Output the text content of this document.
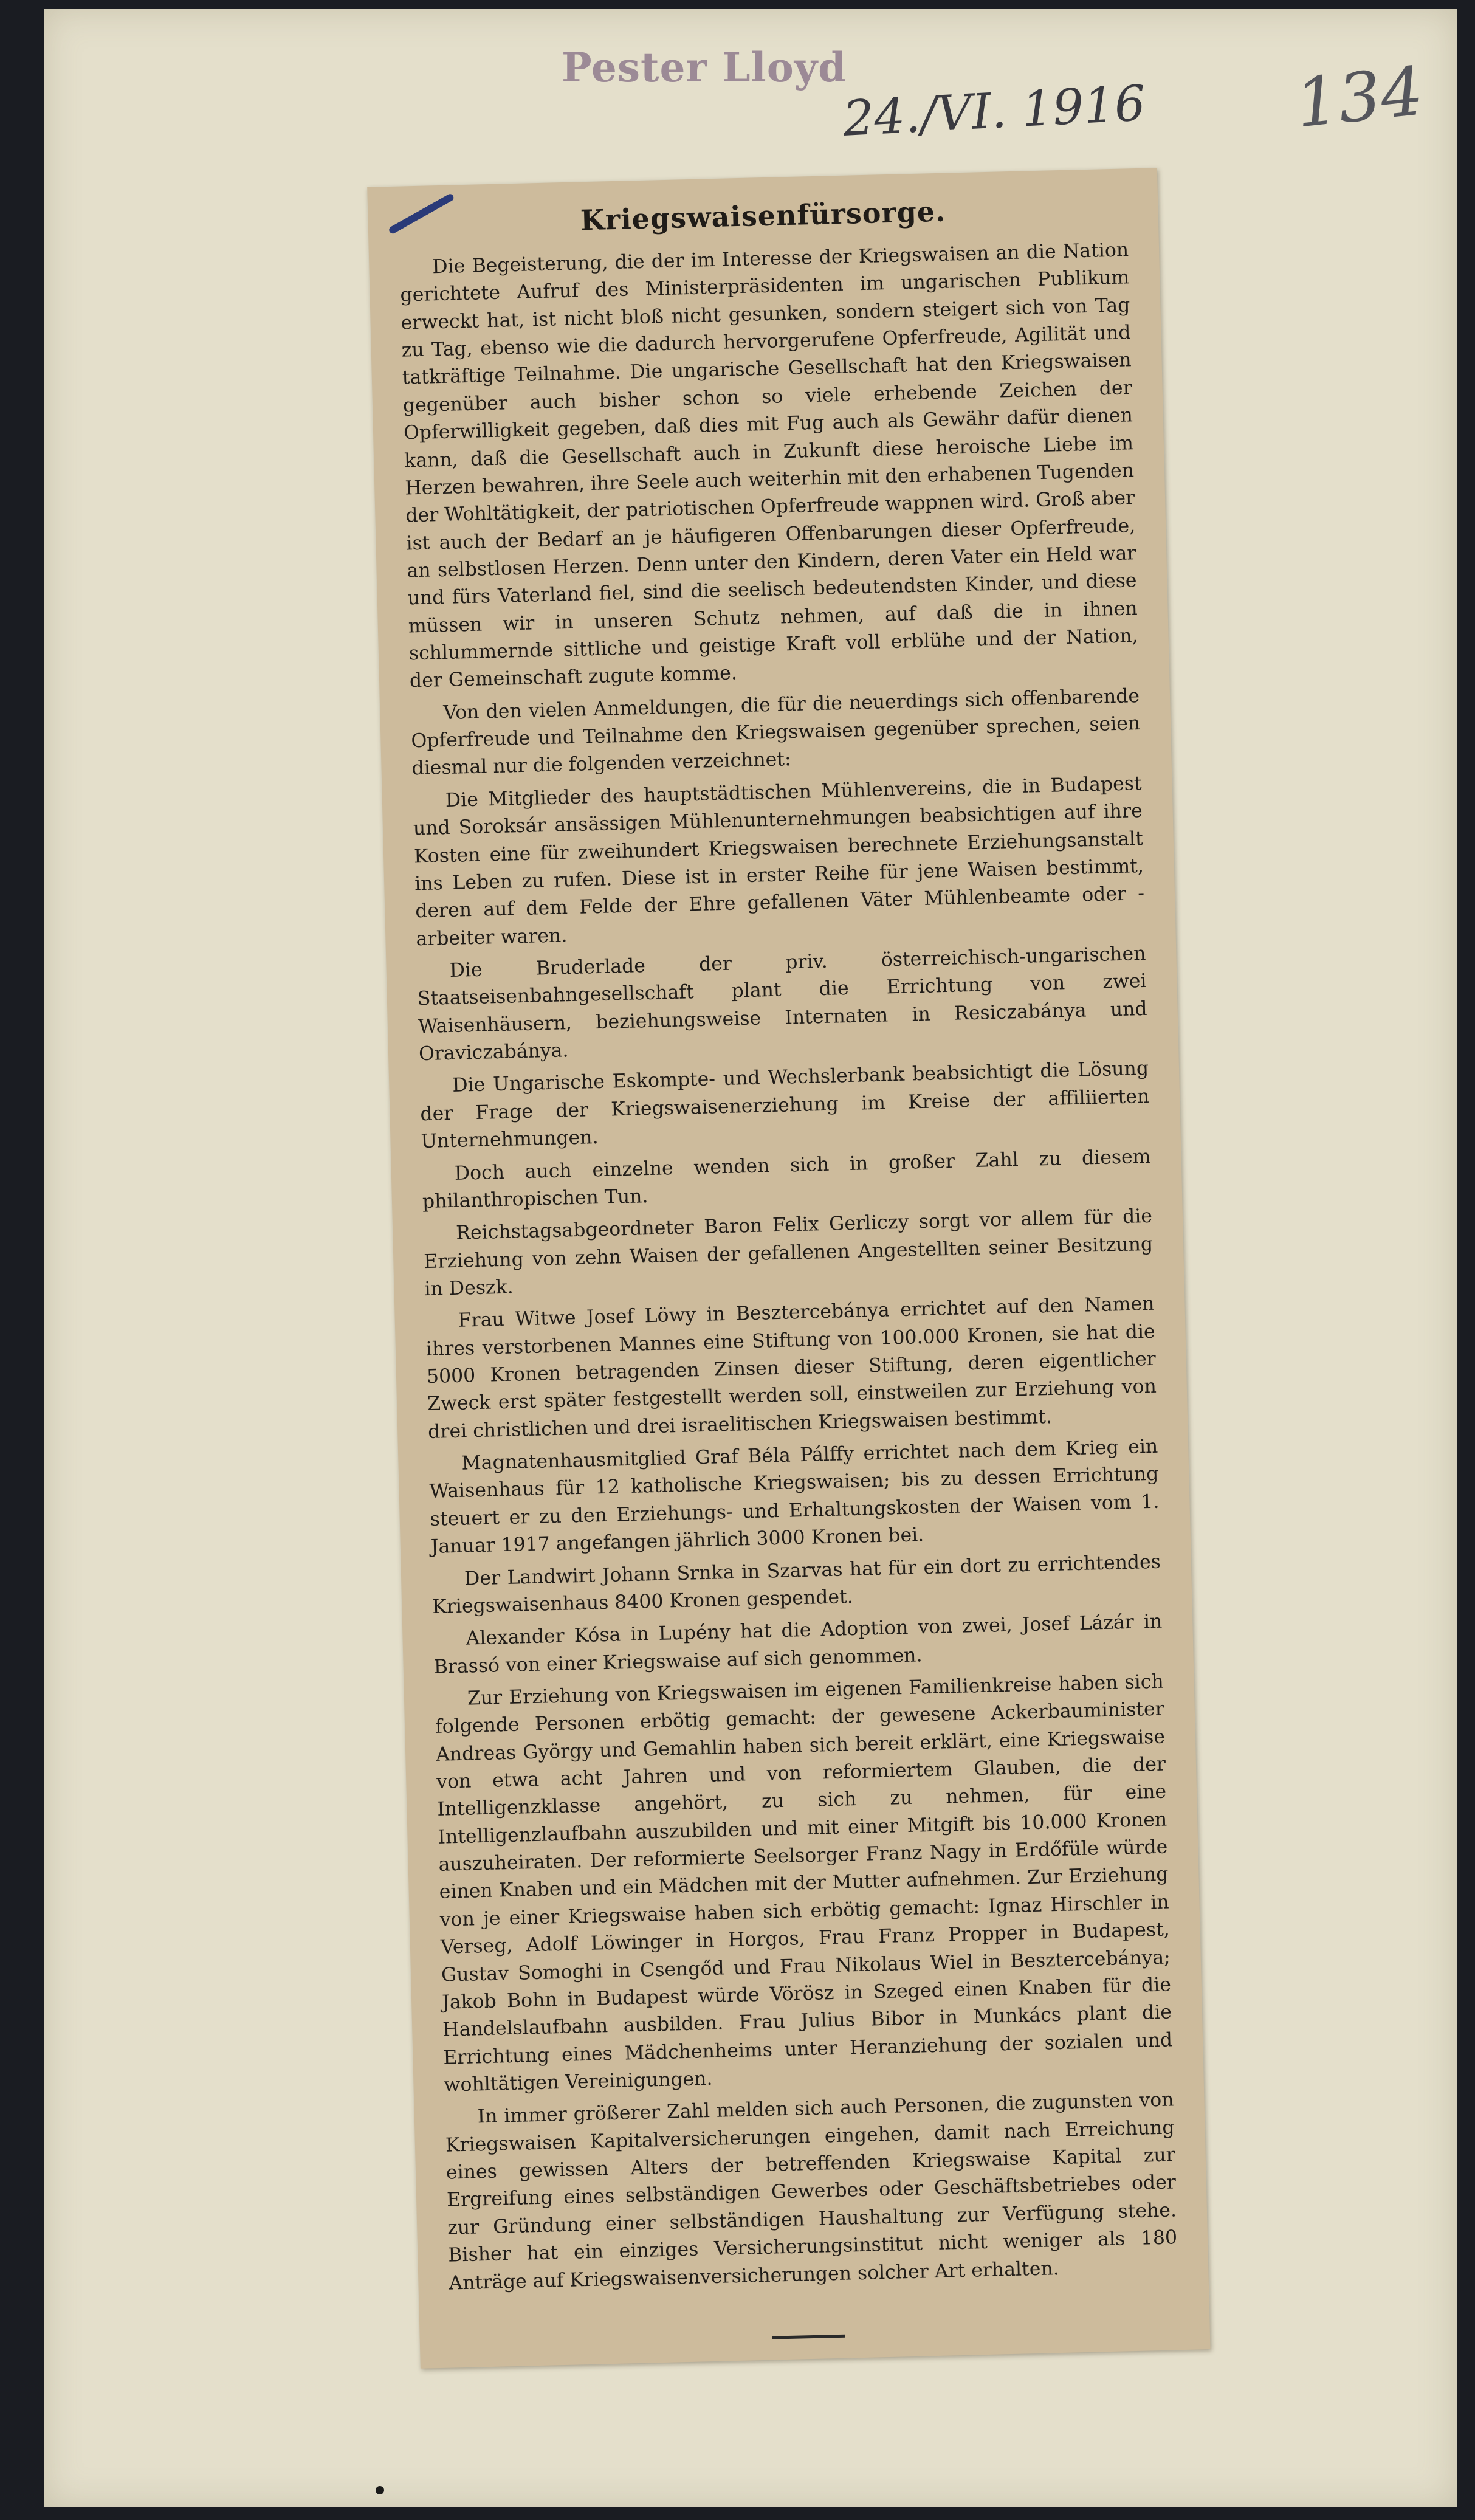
Pester Lloyd
24./VI. 1916 134
Kriegswaisenfürsorge.

Die Begeisterung, die der im Interesse der Kriegswaisen an die Nation gerichtete Aufruf des Ministerpräsidenten im ungarischen Publikum erweckt hat, ist nicht bloß nicht gesunken, sondern steigert sich von Tag zu Tag, ebenso wie die dadurch hervorgerufene Opferfreude, Agilität und tatkräftige Teilnahme. Die ungarische Gesellschaft hat den Kriegswaisen gegenüber auch bisher schon so viele erhebende Zeichen der Opferwilligkeit gegeben, daß dies mit Fug auch als Gewähr dafür dienen kann, daß die Gesellschaft auch in Zukunft diese heroische Liebe im Herzen bewahren, ihre Seele auch weiterhin mit den erhabenen Tugenden der Wohltätigkeit, der patriotischen Opferfreude wappnen wird. Groß aber ist auch der Bedarf an je häufigeren Offenbarungen dieser Opferfreude, an selbstlosen Herzen. Denn unter den Kindern, deren Vater ein Held war und fürs Vaterland fiel, sind die seelisch bedeutendsten Kinder, und diese müssen wir in unseren Schutz nehmen, auf daß die in ihnen schlummernde sittliche und geistige Kraft voll erblühe und der Nation, der Gemeinschaft zugute komme.

Von den vielen Anmeldungen, die für die neuerdings sich offenbarende Opferfreude und Teilnahme den Kriegswaisen gegenüber sprechen, seien diesmal nur die folgenden verzeichnet:

Die Mitglieder des hauptstädtischen Mühlenvereins, die in Budapest und Soroksár ansässigen Mühlenunternehmungen beabsichtigen auf ihre Kosten eine für zweihundert Kriegswaisen berechnete Erziehungsanstalt ins Leben zu rufen. Diese ist in erster Reihe für jene Waisen bestimmt, deren auf dem Felde der Ehre gefallenen Väter Mühlenbeamte oder -arbeiter waren.

Die Bruderlade der priv. österreichisch-ungarischen Staatseisenbahngesellschaft plant die Errichtung von zwei Waisenhäusern, beziehungsweise Internaten in Resiczabánya und Oraviczabánya.

Die Ungarische Eskompte- und Wechslerbank beabsichtigt die Lösung der Frage der Kriegswaisenerziehung im Kreise der affiliierten Unternehmungen.

Doch auch einzelne wenden sich in großer Zahl zu diesem philanthropischen Tun.

Reichstagsabgeordneter Baron Felix Gerliczy sorgt vor allem für die Erziehung von zehn Waisen der gefallenen Angestellten seiner Besitzung in Deszk.

Frau Witwe Josef Löwy in Besztercebánya errichtet auf den Namen ihres verstorbenen Mannes eine Stiftung von 100.000 Kronen, sie hat die 5000 Kronen betragenden Zinsen dieser Stiftung, deren eigentlicher Zweck erst später festgestellt werden soll, einstweilen zur Erziehung von drei christlichen und drei israelitischen Kriegswaisen bestimmt.

Magnatenhausmitglied Graf Béla Pálffy errichtet nach dem Krieg ein Waisenhaus für 12 katholische Kriegswaisen; bis zu dessen Errichtung steuert er zu den Erziehungs- und Erhaltungskosten der Waisen vom 1. Januar 1917 angefangen jährlich 3000 Kronen bei.

Der Landwirt Johann Srnka in Szarvas hat für ein dort zu errichtendes Kriegswaisenhaus 8400 Kronen gespendet.

Alexander Kósa in Lupény hat die Adoption von zwei, Josef Lázár in Brassó von einer Kriegswaise auf sich genommen.

Zur Erziehung von Kriegswaisen im eigenen Familienkreise haben sich folgende Personen erbötig gemacht: der gewesene Ackerbauminister Andreas György und Gemahlin haben sich bereit erklärt, eine Kriegswaise von etwa acht Jahren und von reformiertem Glauben, die der Intelligenzklasse angehört, zu sich zu nehmen, für eine Intelligenzlaufbahn auszubilden und mit einer Mitgift bis 10.000 Kronen auszuheiraten. Der reformierte Seelsorger Franz Nagy in Erdőfüle würde einen Knaben und ein Mädchen mit der Mutter aufnehmen. Zur Erziehung von je einer Kriegswaise haben sich erbötig gemacht: Ignaz Hirschler in Verseg, Adolf Löwinger in Horgos, Frau Franz Propper in Budapest, Gustav Somoghi in Csengőd und Frau Nikolaus Wiel in Besztercebánya; Jakob Bohn in Budapest würde Vörösz in Szeged einen Knaben für die Handelslaufbahn ausbilden. Frau Julius Bibor in Munkács plant die Errichtung eines Mädchenheims unter Heranziehung der sozialen und wohltätigen Vereinigungen.

In immer größerer Zahl melden sich auch Personen, die zugunsten von Kriegswaisen Kapitalversicherungen eingehen, damit nach Erreichung eines gewissen Alters der betreffenden Kriegswaise Kapital zur Ergreifung eines selbständigen Gewerbes oder Geschäftsbetriebes oder zur Gründung einer selbständigen Haushaltung zur Verfügung stehe. Bisher hat ein einziges Versicherungsinstitut nicht weniger als 180 Anträge auf Kriegswaisenversicherungen solcher Art erhalten.
